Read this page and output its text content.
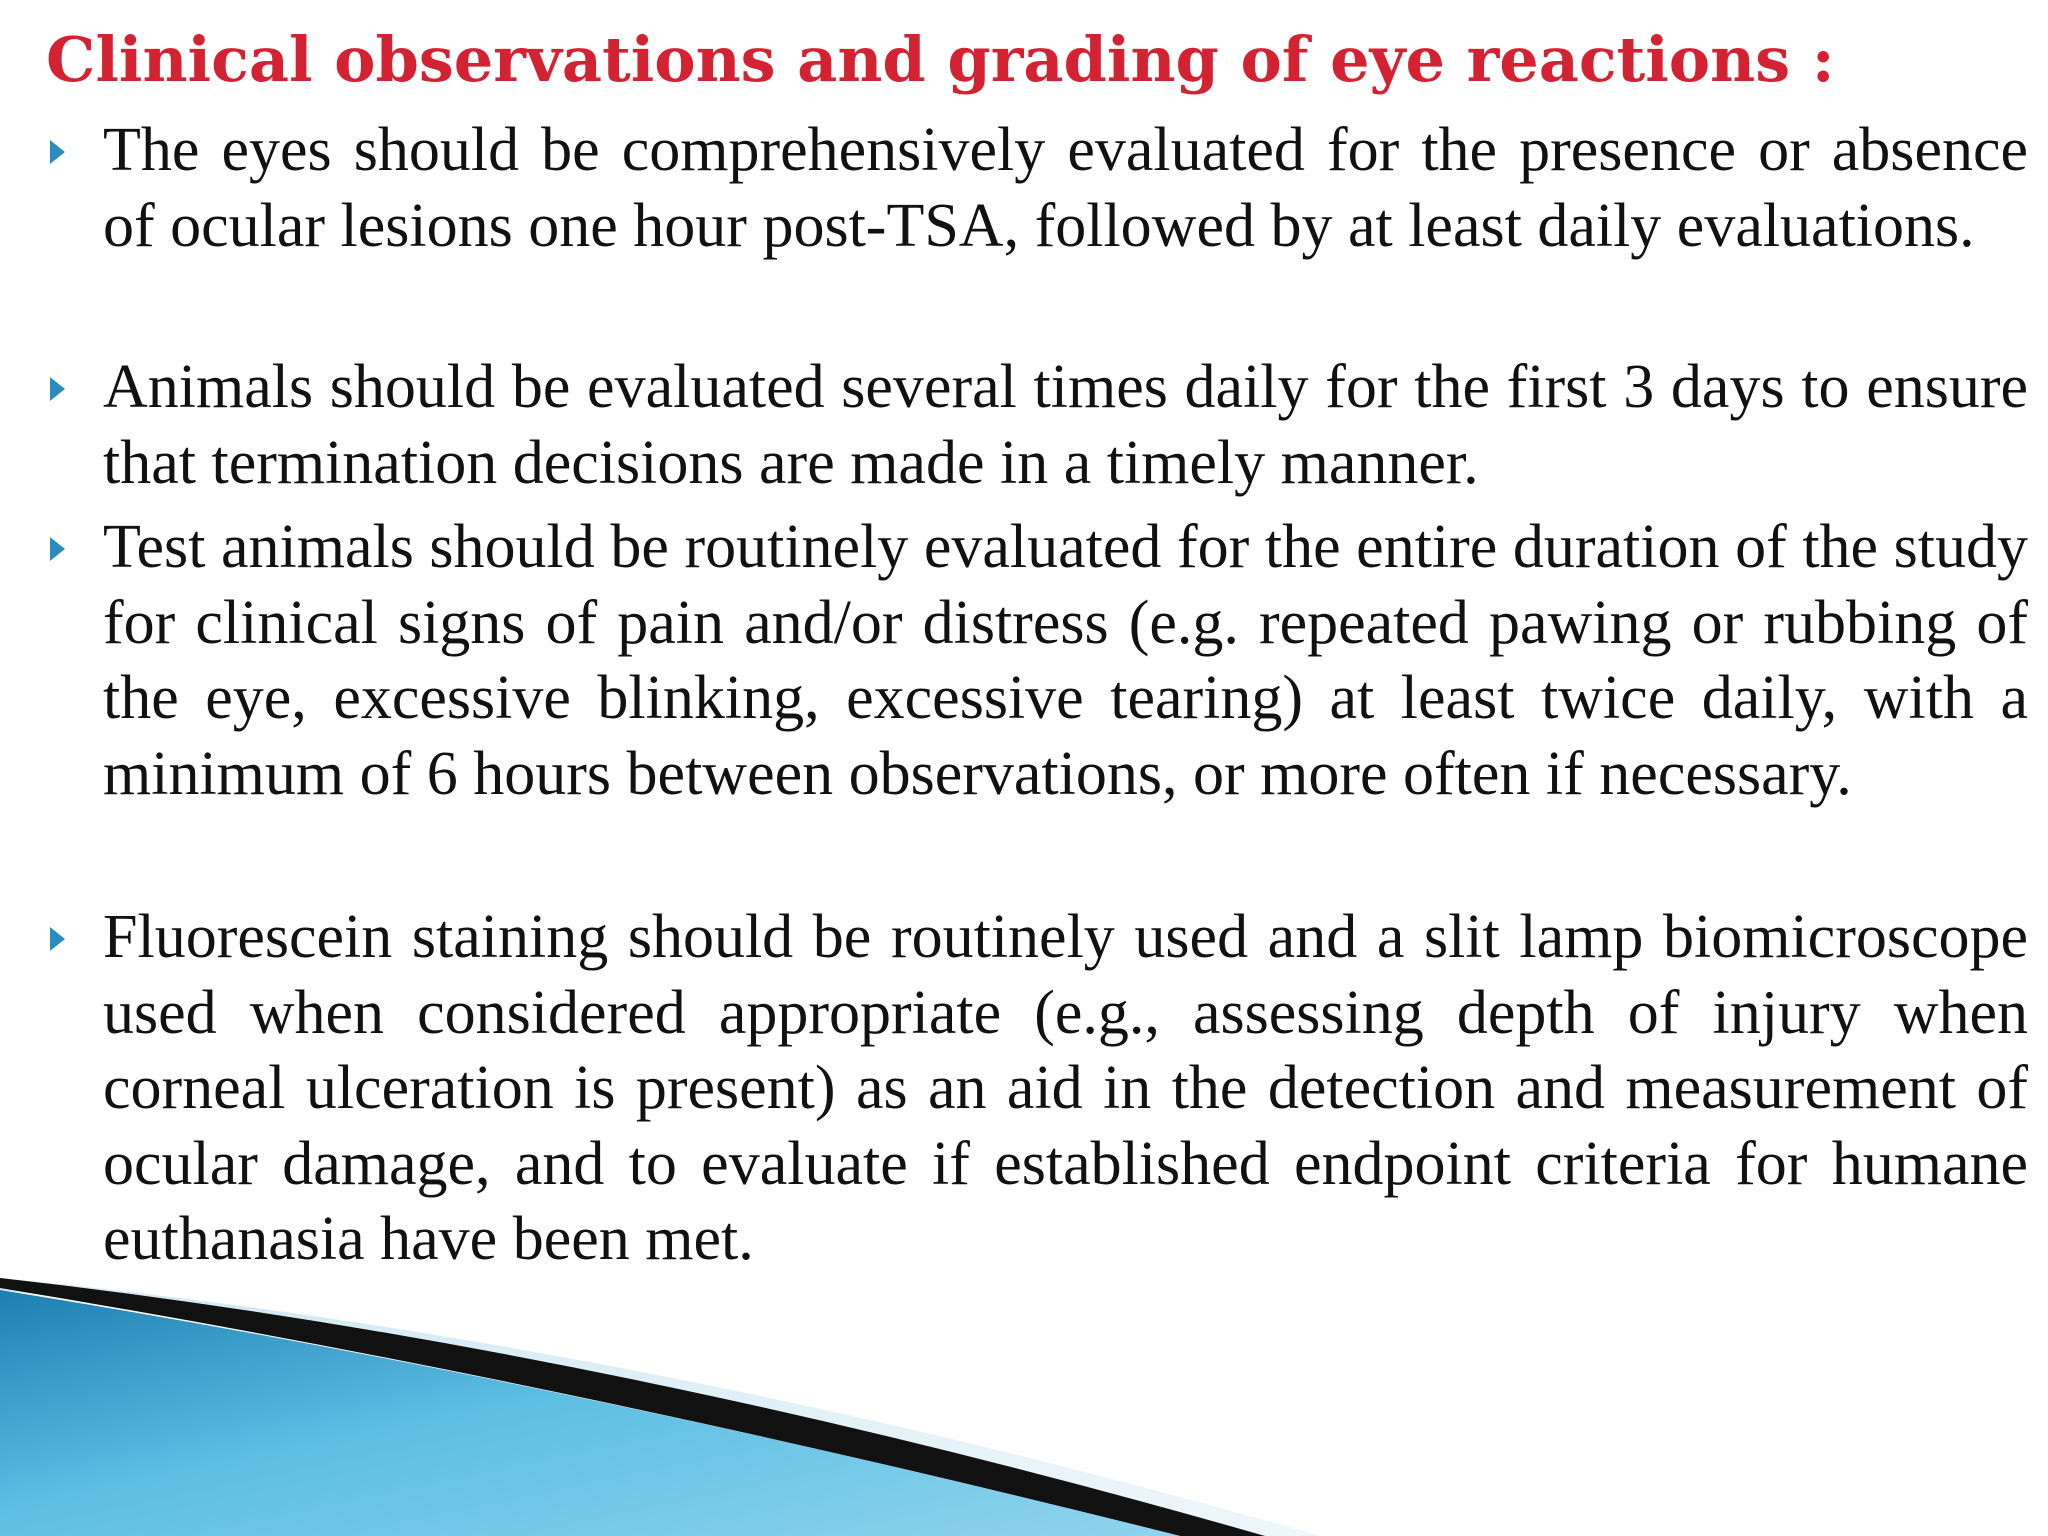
Clinical observations and grading of eye reactions :

The eyes should be comprehensively evaluated for the presence or absence of ocular lesions one hour post-TSA, followed by at least daily evaluations.

Animals should be evaluated several times daily for the first 3 days to ensure that termination decisions are made in a timely manner.

Test animals should be routinely evaluated for the entire duration of the study for clinical signs of pain and/or distress (e.g. repeated pawing or rubbing of the eye, excessive blinking, excessive tearing) at least twice daily, with a minimum of 6 hours between observations, or more often if necessary.

Fluorescein staining should be routinely used and a slit lamp biomicroscope used when considered appropriate (e.g., assessing depth of injury when corneal ulceration is present) as an aid in the detection and measurement of ocular damage, and to evaluate if established endpoint criteria for humane euthanasia have been met.
